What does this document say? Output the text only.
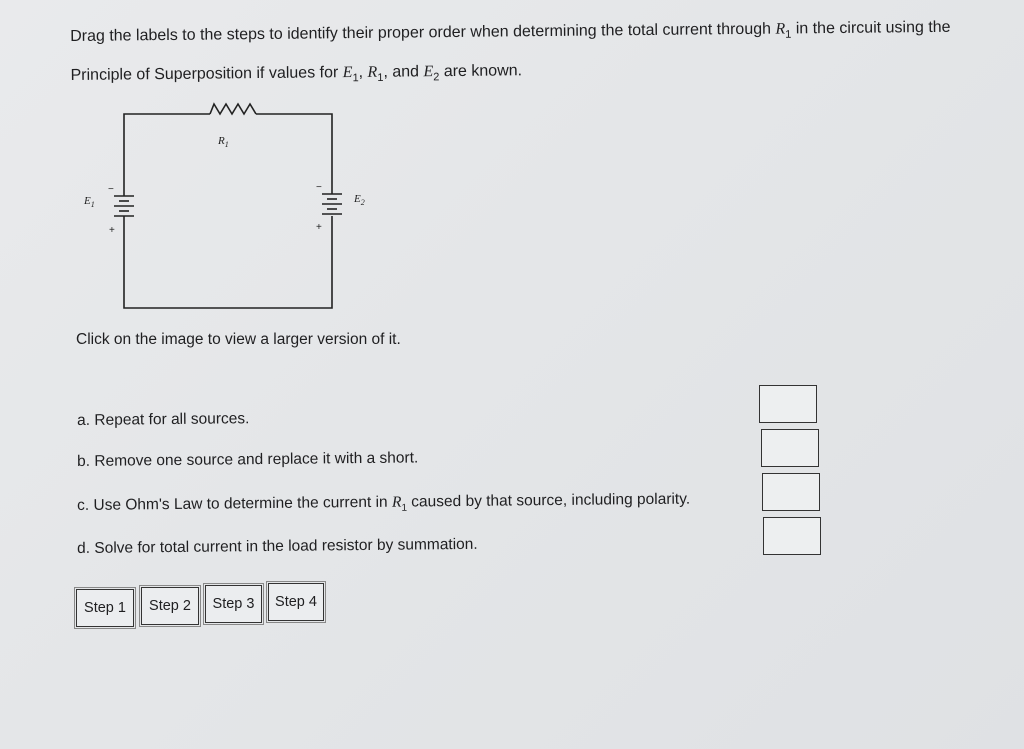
Drag the labels to the steps to identify their proper order when determining the total current through $R_1$ in the circuit using the
Principle of Superposition if values for $E_1$, $R_1$, and $E_2$ are known.
$R_1$
$E_1$	$E_2$
−
+
−
+
Click on the image to view a larger version of it.
a. Repeat for all sources.
b. Remove one source and replace it with a short.
c. Use Ohm's Law to determine the current in $R_1$ caused by that source, including polarity.
d. Solve for total current in the load resistor by summation.
Step 1	Step 2	Step 3	Step 4
